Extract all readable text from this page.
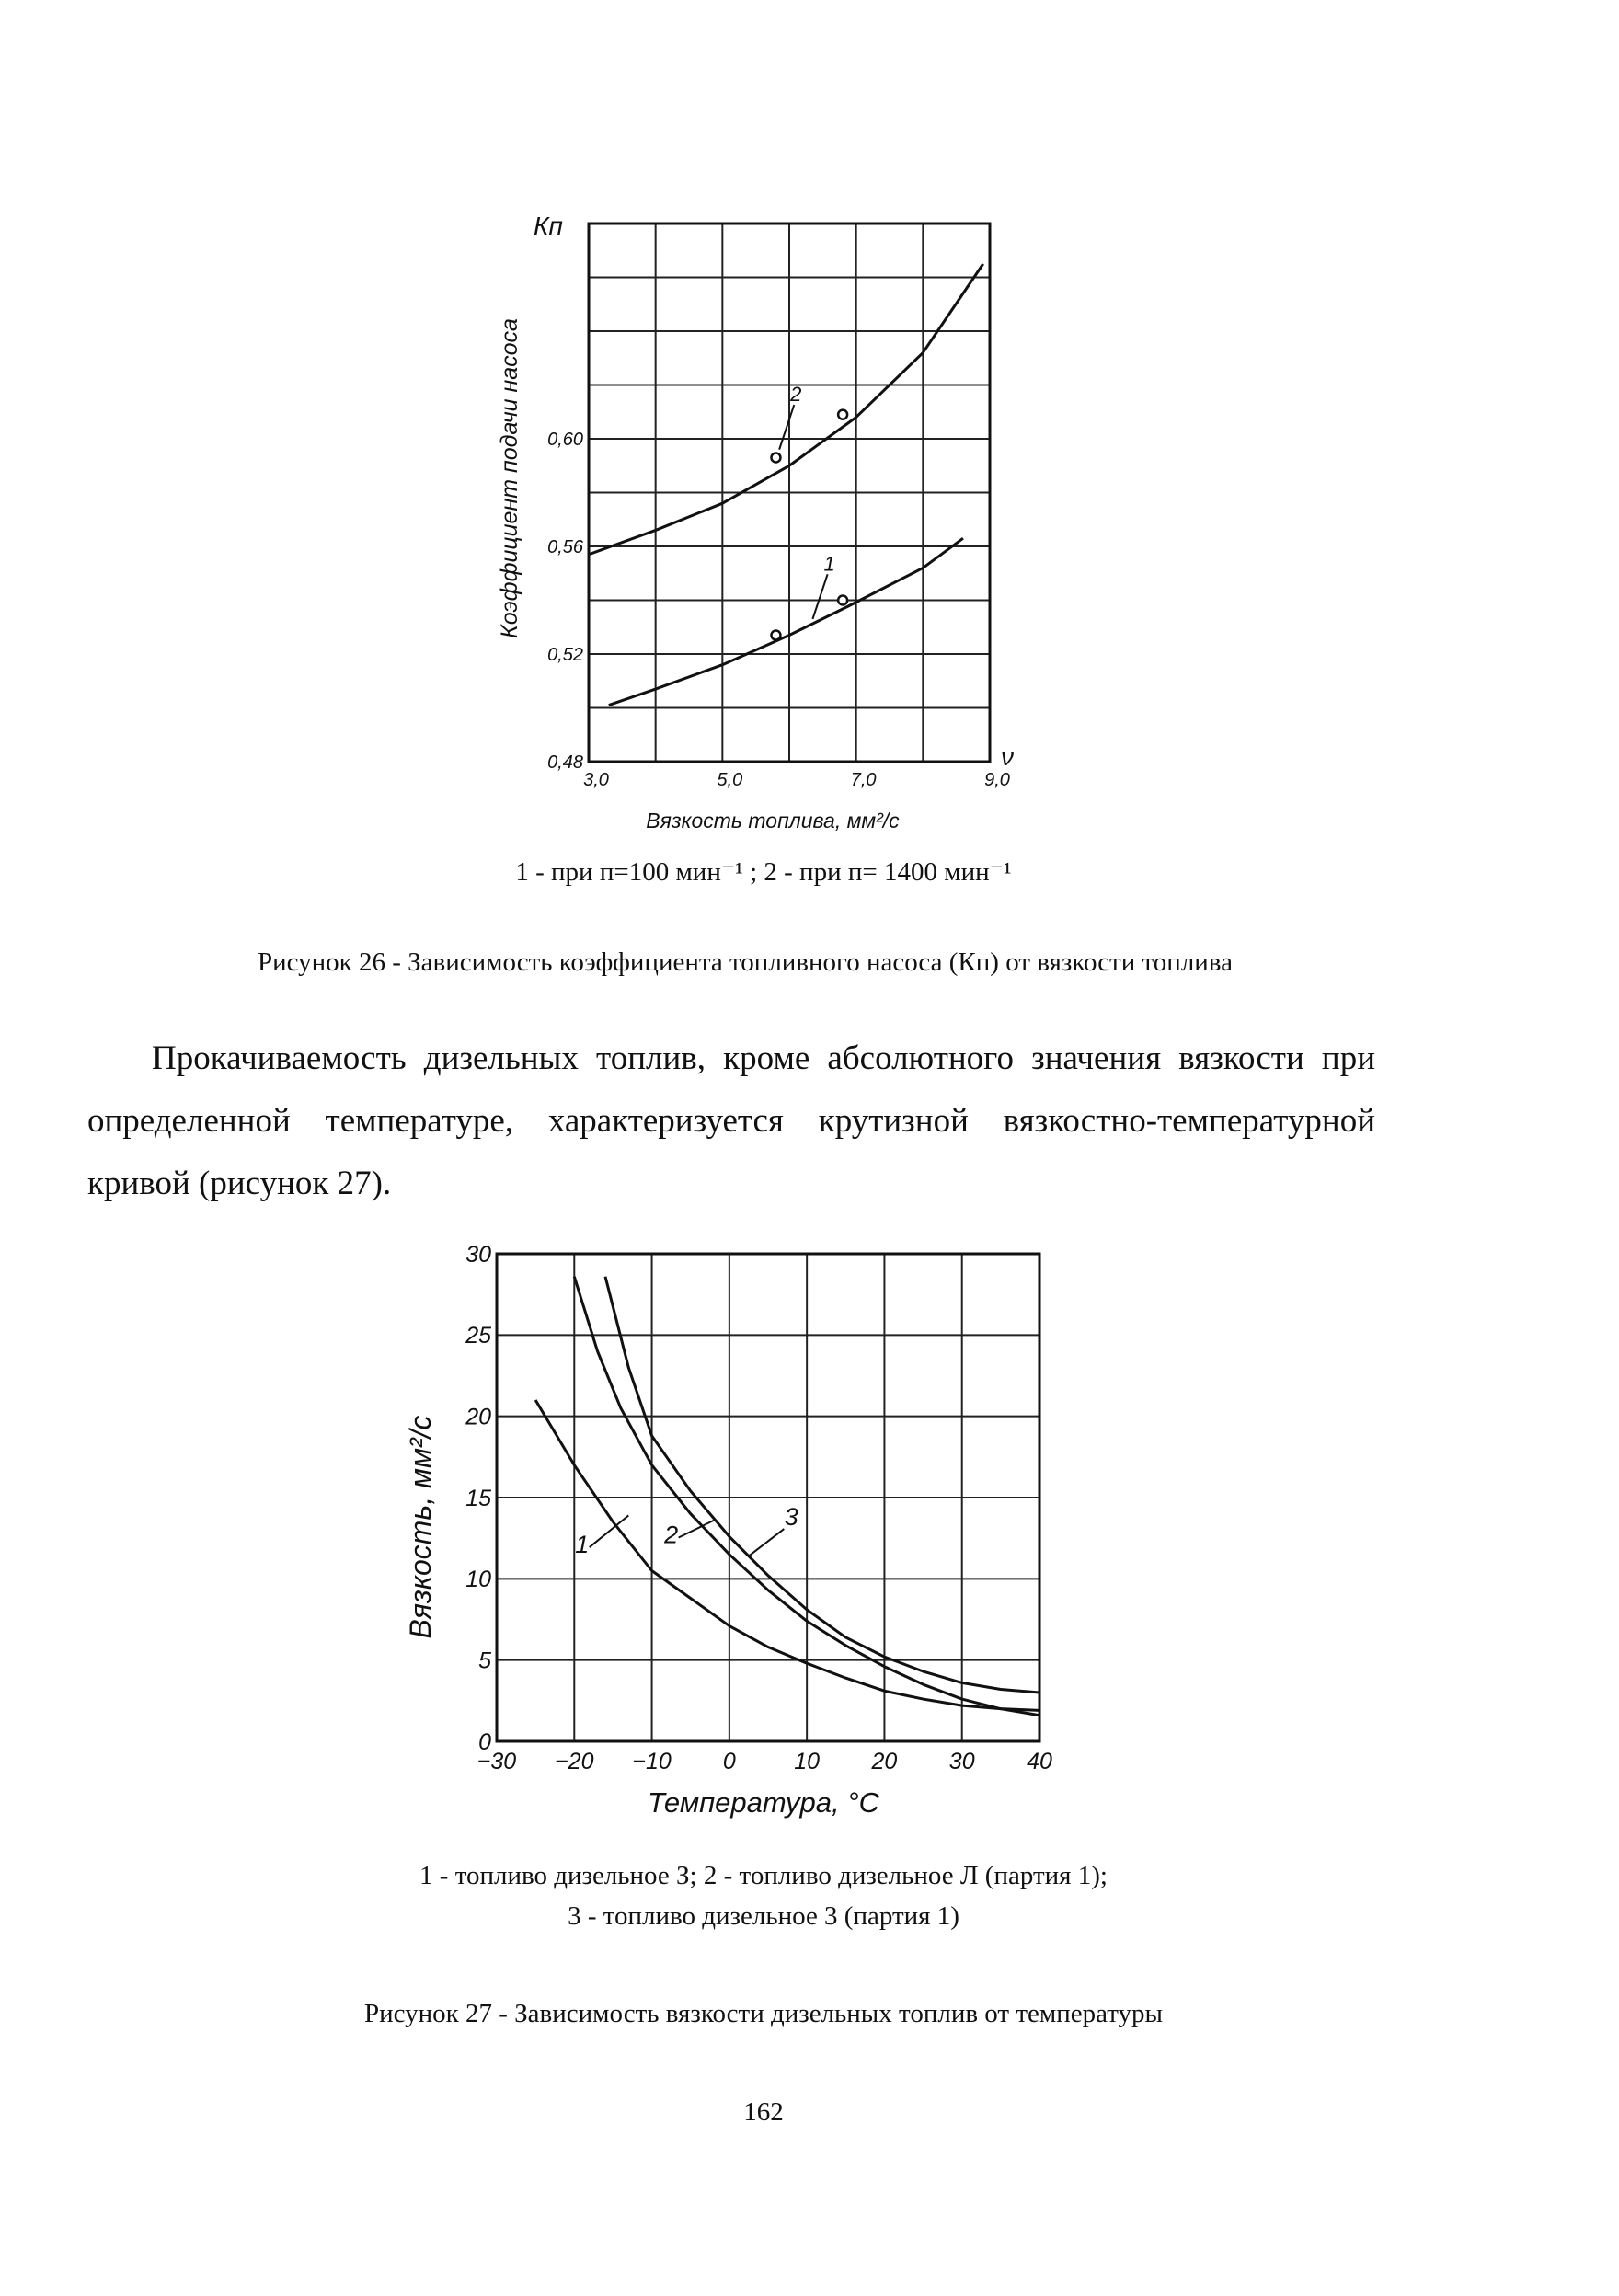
2
1
3,0	5,0	7,0	9,0
0,48
0,52
0,56
0,60
Кп
Коэффициент подачи насоса
ν
Вязкость топлива, мм²/с
1 - при п=100 мин⁻¹ ; 2 - при п= 1400 мин⁻¹
Рисунок 26 - Зависимость коэффициента топливного насоса (Кп) от вязкости топлива
Прокачиваемость дизельных топлив, кроме абсолютного значения вязкости при
определенной температуре, характеризуется крутизной вязкостно-температурной
кривой (рисунок 27).
1	2
3
−30 −20 −10 0	10 20 30 40
0
5
10
15
20
25
30
Вязкость, мм²/с
Температура, °С
1 - топливо дизельное З; 2 - топливо дизельное Л (партия 1);
3 - топливо дизельное 3 (партия 1)
Рисунок 27 - Зависимость вязкости дизельных топлив от температуры
162
